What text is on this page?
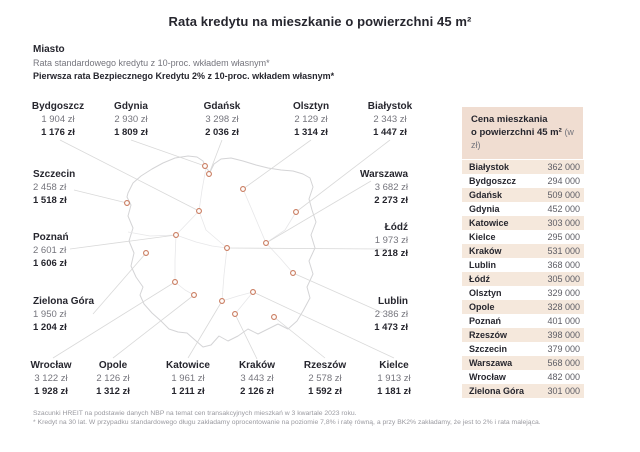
Rata kredytu na mieszkanie o powierzchni 45 m²
Miasto
Rata standardowego kredytu z 10-proc. wkładem własnym*
Pierwsza rata Bezpiecznego Kredytu 2% z 10-proc. wkładem własnym*
Bydgoszcz
1 904 zł
1 176 zł
Gdynia
2 930 zł
1 809 zł
Gdańsk
3 298 zł
2 036 zł
Olsztyn
2 129 zł
1 314 zł
Białystok
2 343 zł
1 447 zł
Szczecin
2 458 zł
1 518 zł
Poznań
2 601 zł
1 606 zł
Zielona Góra
1 950 zł
1 204 zł
Warszawa
3 682 zł
2 273 zł
Łódź
1 973 zł
1 218 zł
Lublin
2 386 zł
1 473 zł
Wrocław
3 122 zł
1 928 zł
Opole
2 126 zł
1 312 zł
Katowice
1 961 zł
1 211 zł
Kraków
3 443 zł
2 126 zł
Rzeszów
2 578 zł
1 592 zł
Kielce
1 913 zł
1 181 zł
Cena mieszkania
o powierzchni 45 m² (w zł)
Białystok	362 000
Bydgoszcz	294 000
Gdańsk	509 000
Gdynia	452 000
Katowice	303 000
Kielce	295 000
Kraków	531 000
Lublin	368 000
Łódź	305 000
Olsztyn	329 000
Opole	328 000
Poznań	401 000
Rzeszów	398 000
Szczecin	379 000
Warszawa	568 000
Wrocław	482 000
Zielona Góra	301 000
Szacunki HREIT na podstawie danych NBP na temat cen transakcyjnych mieszkań w 3 kwartale 2023 roku.
* Kredyt na 30 lat. W przypadku standardowego długu zakładamy oprocentowanie na poziomie 7,8% i ratę równą, a przy BK2% zakładamy, że jest to 2% i rata malejąca.
